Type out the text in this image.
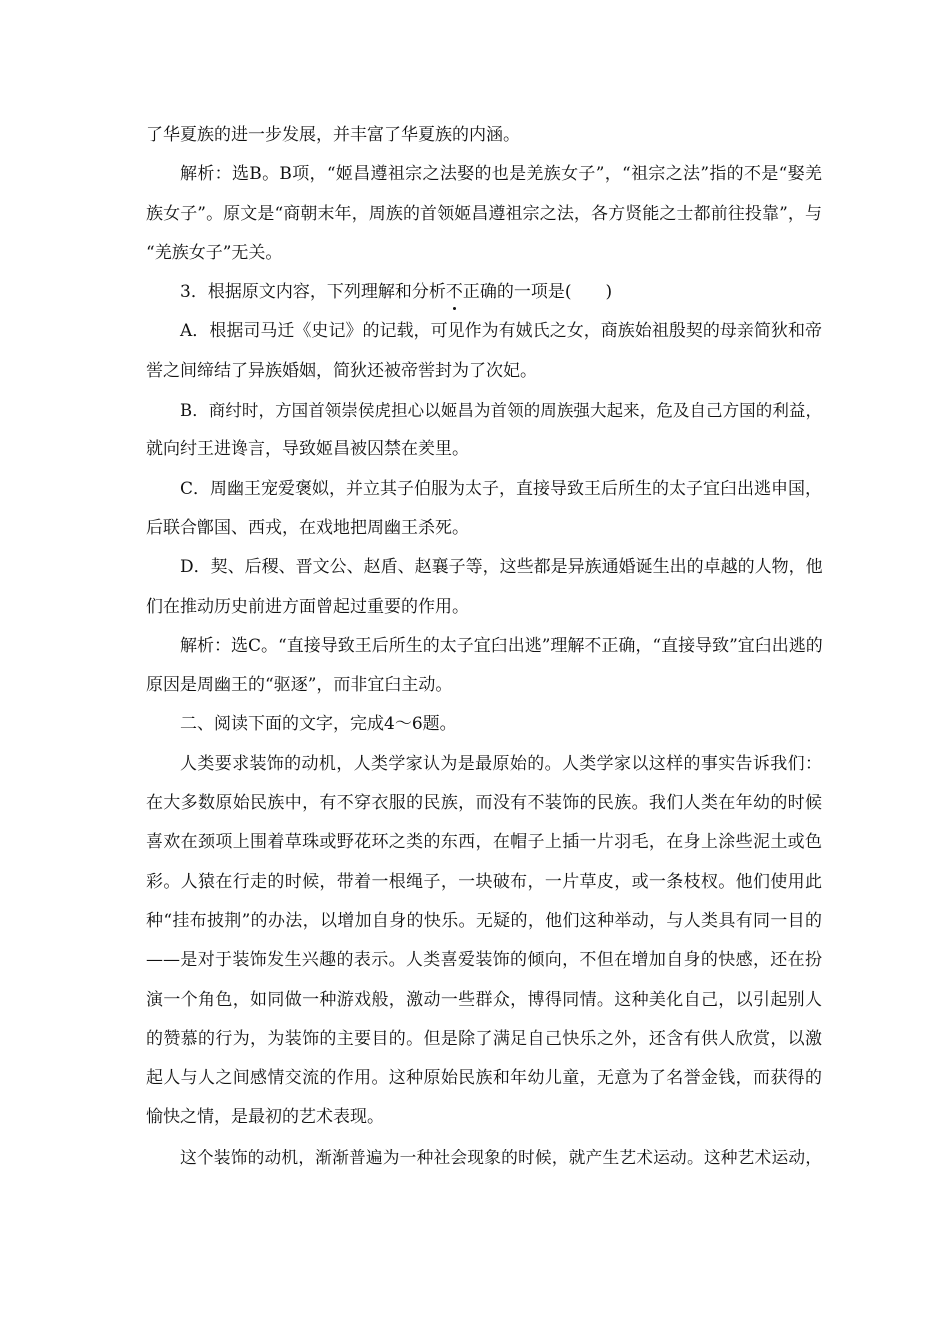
了华夏族的进一步发展，并丰富了华夏族的内涵。
解析：选B。B项，“姬昌遵祖宗之法娶的也是羌族女子”，“祖宗之法”指的不是“娶羌
族女子”。原文是“商朝末年，周族的首领姬昌遵祖宗之法，各方贤能之士都前往投靠”，与
“羌族女子”无关。
3．根据原文内容，下列理解和分析不正确的一项是(　　)
A．根据司马迁《史记》的记载，可见作为有娀氏之女，商族始祖殷契的母亲简狄和帝
喾之间缔结了异族婚姻，简狄还被帝喾封为了次妃。
B．商纣时，方国首领崇侯虎担心以姬昌为首领的周族强大起来，危及自己方国的利益，
就向纣王进谗言，导致姬昌被囚禁在羑里。
C．周幽王宠爱褒姒，并立其子伯服为太子，直接导致王后所生的太子宜臼出逃申国，
后联合鄫国、西戎，在戏地把周幽王杀死。
D．契、后稷、晋文公、赵盾、赵襄子等，这些都是异族通婚诞生出的卓越的人物，他
们在推动历史前进方面曾起过重要的作用。
解析：选C。“直接导致王后所生的太子宜臼出逃”理解不正确，“直接导致”宜臼出逃的
原因是周幽王的“驱逐”，而非宜臼主动。
二、阅读下面的文字，完成4～6题。
人类要求装饰的动机，人类学家认为是最原始的。人类学家以这样的事实告诉我们：
在大多数原始民族中，有不穿衣服的民族，而没有不装饰的民族。我们人类在年幼的时候
喜欢在颈项上围着草珠或野花环之类的东西，在帽子上插一片羽毛，在身上涂些泥土或色
彩。人猿在行走的时候，带着一根绳子，一块破布，一片草皮，或一条枝杈。他们使用此
种“挂布披荆”的办法，以增加自身的快乐。无疑的，他们这种举动，与人类具有同一目的
——是对于装饰发生兴趣的表示。人类喜爱装饰的倾向，不但在增加自身的快感，还在扮
演一个角色，如同做一种游戏般，激动一些群众，博得同情。这种美化自己，以引起别人
的赞慕的行为，为装饰的主要目的。但是除了满足自己快乐之外，还含有供人欣赏，以激
起人与人之间感情交流的作用。这种原始民族和年幼儿童，无意为了名誉金钱，而获得的
愉快之情，是最初的艺术表现。
这个装饰的动机，渐渐普遍为一种社会现象的时候，就产生艺术运动。这种艺术运动，
